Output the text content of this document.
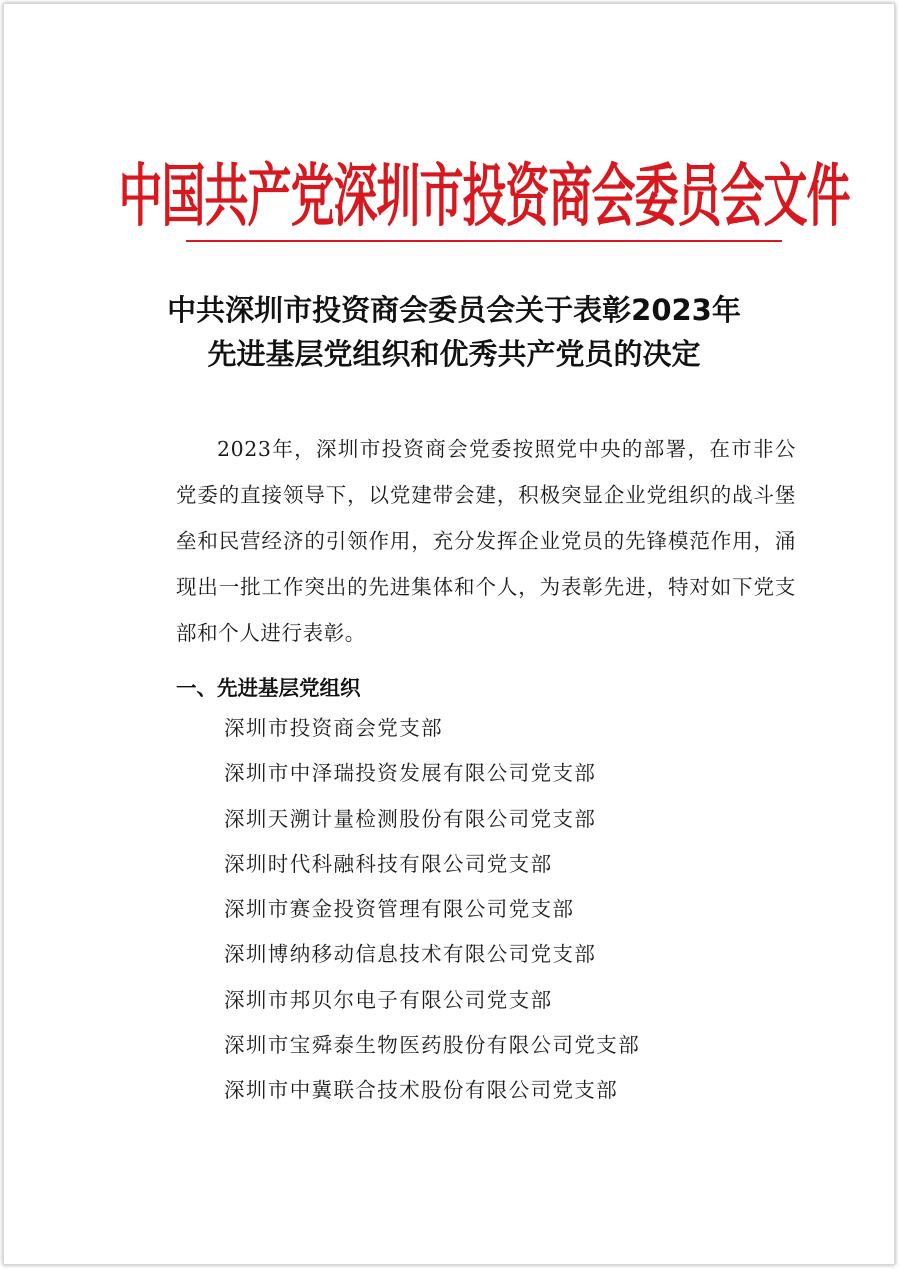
中国共产党深圳市投资商会委员会文件
中共深圳市投资商会委员会关于表彰2023年
先进基层党组织和优秀共产党员的决定
2023年，深圳市投资商会党委按照党中央的部署，在市非公党委的直接领导下，以党建带会建，积极突显企业党组织的战斗堡垒和民营经济的引领作用，充分发挥企业党员的先锋模范作用，涌现出一批工作突出的先进集体和个人，为表彰先进，特对如下党支部和个人进行表彰。
一、先进基层党组织
深圳市投资商会党支部
深圳市中泽瑞投资发展有限公司党支部
深圳天溯计量检测股份有限公司党支部
深圳时代科融科技有限公司党支部
深圳市赛金投资管理有限公司党支部
深圳博纳移动信息技术有限公司党支部
深圳市邦贝尔电子有限公司党支部
深圳市宝舜泰生物医药股份有限公司党支部
深圳市中冀联合技术股份有限公司党支部
